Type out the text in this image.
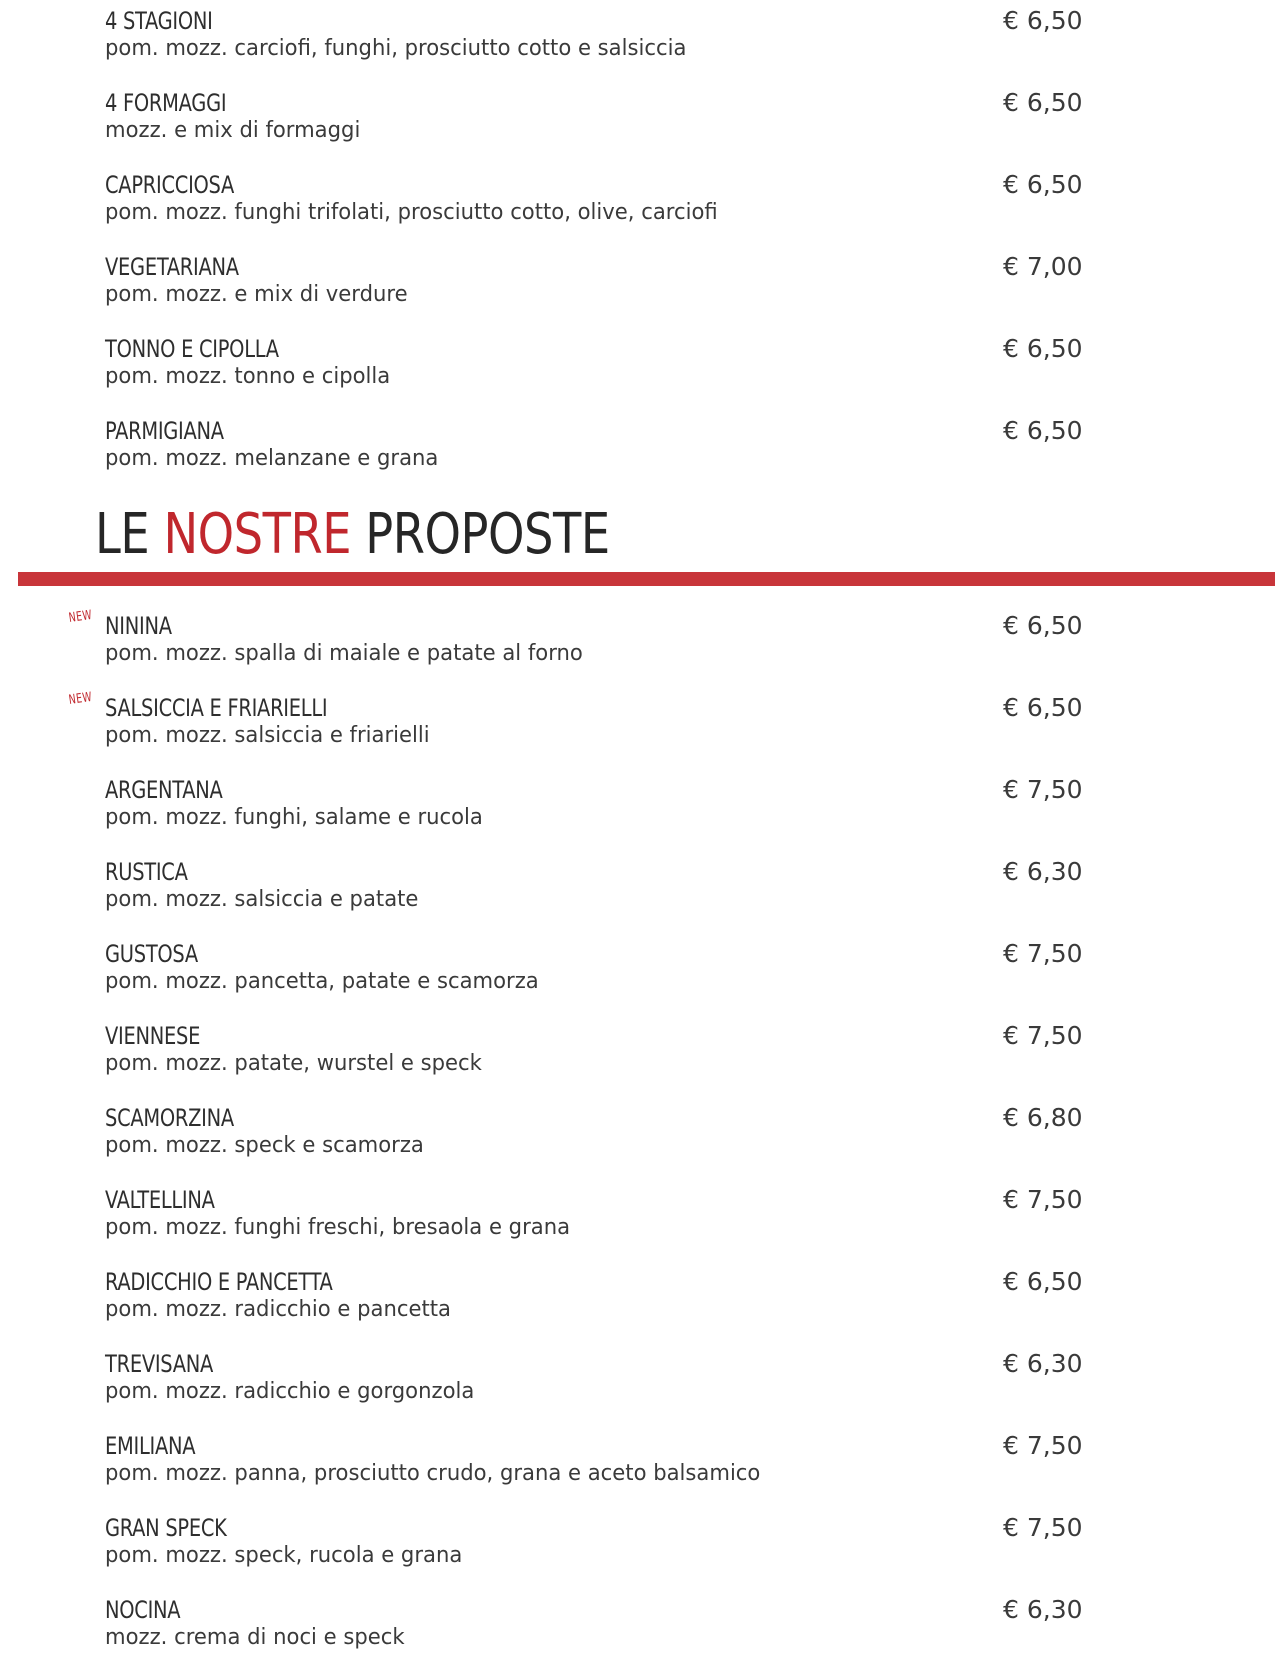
4 STAGIONI
pom. mozz. carciofi, funghi, prosciutto cotto e salsiccia
€ 6,50
4 FORMAGGI
mozz. e mix di formaggi
€ 6,50
CAPRICCIOSA
pom. mozz. funghi trifolati, prosciutto cotto, olive, carciofi
€ 6,50
VEGETARIANA
pom. mozz. e mix di verdure
€ 7,00
TONNO E CIPOLLA
pom. mozz. tonno e cipolla
€ 6,50
PARMIGIANA
pom. mozz. melanzane e grana
€ 6,50
LE NOSTRE PROPOSTE
NEW NININA
pom. mozz. spalla di maiale e patate al forno
€ 6,50
NEW SALSICCIA E FRIARIELLI
pom. mozz. salsiccia e friarielli
€ 6,50
ARGENTANA
pom. mozz. funghi, salame e rucola
€ 7,50
RUSTICA
pom. mozz. salsiccia e patate
€ 6,30
GUSTOSA
pom. mozz. pancetta, patate e scamorza
€ 7,50
VIENNESE
pom. mozz. patate, wurstel e speck
€ 7,50
SCAMORZINA
pom. mozz. speck e scamorza
€ 6,80
VALTELLINA
pom. mozz. funghi freschi, bresaola e grana
€ 7,50
RADICCHIO E PANCETTA
pom. mozz. radicchio e pancetta
€ 6,50
TREVISANA
pom. mozz. radicchio e gorgonzola
€ 6,30
EMILIANA
pom. mozz. panna, prosciutto crudo, grana e aceto balsamico
€ 7,50
GRAN SPECK
pom. mozz. speck, rucola e grana
€ 7,50
NOCINA
mozz. crema di noci e speck
€ 6,30
